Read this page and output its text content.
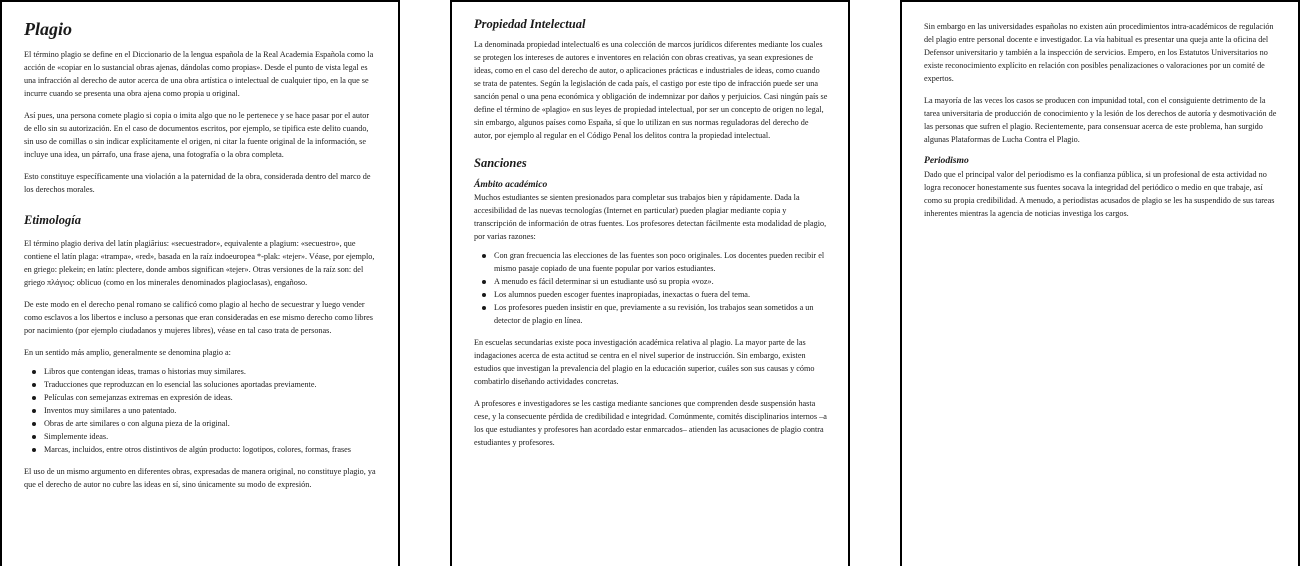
Plagio

El término plagio se define en el Diccionario de la lengua española de la Real Academia Española como la acción de «copiar en lo sustancial obras ajenas, dándolas como propias». Desde el punto de vista legal es una infracción al derecho de autor acerca de una obra artística o intelectual de cualquier tipo, en la que se incurre cuando se presenta una obra ajena como propia u original.

Así pues, una persona comete plagio si copia o imita algo que no le pertenece y se hace pasar por el autor de ello sin su autorización. En el caso de documentos escritos, por ejemplo, se tipifica este delito cuando, sin uso de comillas o sin indicar explícitamente el origen, ni citar la fuente original de la información, se incluye una idea, un párrafo, una frase ajena, una fotografía o la obra completa.

Esto constituye específicamente una violación a la paternidad de la obra, considerada dentro del marco de los derechos morales.

Etimología

El término plagio deriva del latín plagiārius: «secuestrador», equivalente a plagium: «secuestro», que contiene el latín plaga: «trampa», «red», basada en la raíz indoeuropea *-plak: «tejer». Véase, por ejemplo, en griego: plekein; en latín: plectere, donde ambos significan «tejer». Otras versiones de la raíz son: del griego πλάγιος: oblicuo (como en los minerales denominados plagioclasas), engañoso.

De este modo en el derecho penal romano se calificó como plagio al hecho de secuestrar y luego vender como esclavos a los libertos e incluso a personas que eran consideradas en ese mismo derecho como libres por nacimiento (por ejemplo ciudadanos y mujeres libres), véase en tal caso trata de personas.

En un sentido más amplio, generalmente se denomina plagio a:

Libros que contengan ideas, tramas o historias muy similares.
Traducciones que reproduzcan en lo esencial las soluciones aportadas previamente.
Películas con semejanzas extremas en expresión de ideas.
Inventos muy similares a uno patentado.
Obras de arte similares o con alguna pieza de la original.
Simplemente ideas.
Marcas, incluidos, entre otros distintivos de algún producto: logotipos, colores, formas, frases

El uso de un mismo argumento en diferentes obras, expresadas de manera original, no constituye plagio, ya que el derecho de autor no cubre las ideas en sí, sino únicamente su modo de expresión.

Propiedad Intelectual

La denominada propiedad intelectual6 es una colección de marcos jurídicos diferentes mediante los cuales se protegen los intereses de autores e inventores en relación con obras creativas, ya sean expresiones de ideas, como en el caso del derecho de autor, o aplicaciones prácticas e industriales de ideas, como cuando se trata de patentes. Según la legislación de cada país, el castigo por este tipo de infracción puede ser una sanción penal o una pena económica y obligación de indemnizar por daños y perjuicios. Casi ningún país se define el término de «plagio» en sus leyes de propiedad intelectual, por ser un concepto de origen no legal, sin embargo, algunos países como España, sí que lo utilizan en sus normas reguladoras del derecho de autor, por ejemplo al regular en el Código Penal los delitos contra la propiedad intelectual.

Sanciones
Ámbito académico

Muchos estudiantes se sienten presionados para completar sus trabajos bien y rápidamente. Dada la accesibilidad de las nuevas tecnologías (Internet en particular) pueden plagiar mediante copia y transcripción de información de otras fuentes. Los profesores detectan fácilmente esta modalidad de plagio, por varias razones:

Con gran frecuencia las elecciones de las fuentes son poco originales. Los docentes pueden recibir el mismo pasaje copiado de una fuente popular por varios estudiantes.
A menudo es fácil determinar si un estudiante usó su propia «voz».
Los alumnos pueden escoger fuentes inapropiadas, inexactas o fuera del tema.
Los profesores pueden insistir en que, previamente a su revisión, los trabajos sean sometidos a un detector de plagio en línea.

En escuelas secundarias existe poca investigación académica relativa al plagio. La mayor parte de las indagaciones acerca de esta actitud se centra en el nivel superior de instrucción. Sin embargo, existen estudios que investigan la prevalencia del plagio en la educación superior, cuáles son sus causas y cómo combatirlo diseñando actividades concretas.

A profesores e investigadores se les castiga mediante sanciones que comprenden desde suspensión hasta cese, y la consecuente pérdida de credibilidad e integridad. Comúnmente, comités disciplinarios internos –a los que estudiantes y profesores han acordado estar enmarcados– atienden las acusaciones de plagio contra estudiantes y profesores.

Sin embargo en las universidades españolas no existen aún procedimientos intra-académicos de regulación del plagio entre personal docente e investigador. La vía habitual es presentar una queja ante la oficina del Defensor universitario y también a la inspección de servicios. Empero, en los Estatutos Universitarios no existe reconocimiento explícito en relación con posibles penalizaciones o valoraciones por un comité de expertos.

La mayoría de las veces los casos se producen con impunidad total, con el consiguiente detrimento de la tarea universitaria de producción de conocimiento y la lesión de los derechos de autoría y desmotivación de las personas que sufren el plagio. Recientemente, para consensuar acerca de este problema, han surgido algunas Plataformas de Lucha Contra el Plagio.

Periodismo

Dado que el principal valor del periodismo es la confianza pública, si un profesional de esta actividad no logra reconocer honestamente sus fuentes socava la integridad del periódico o medio en que trabaje, así como su propia credibilidad. A menudo, a periodistas acusados de plagio se les ha suspendido de sus tareas inherentes mientras la agencia de noticias investiga los cargos.
